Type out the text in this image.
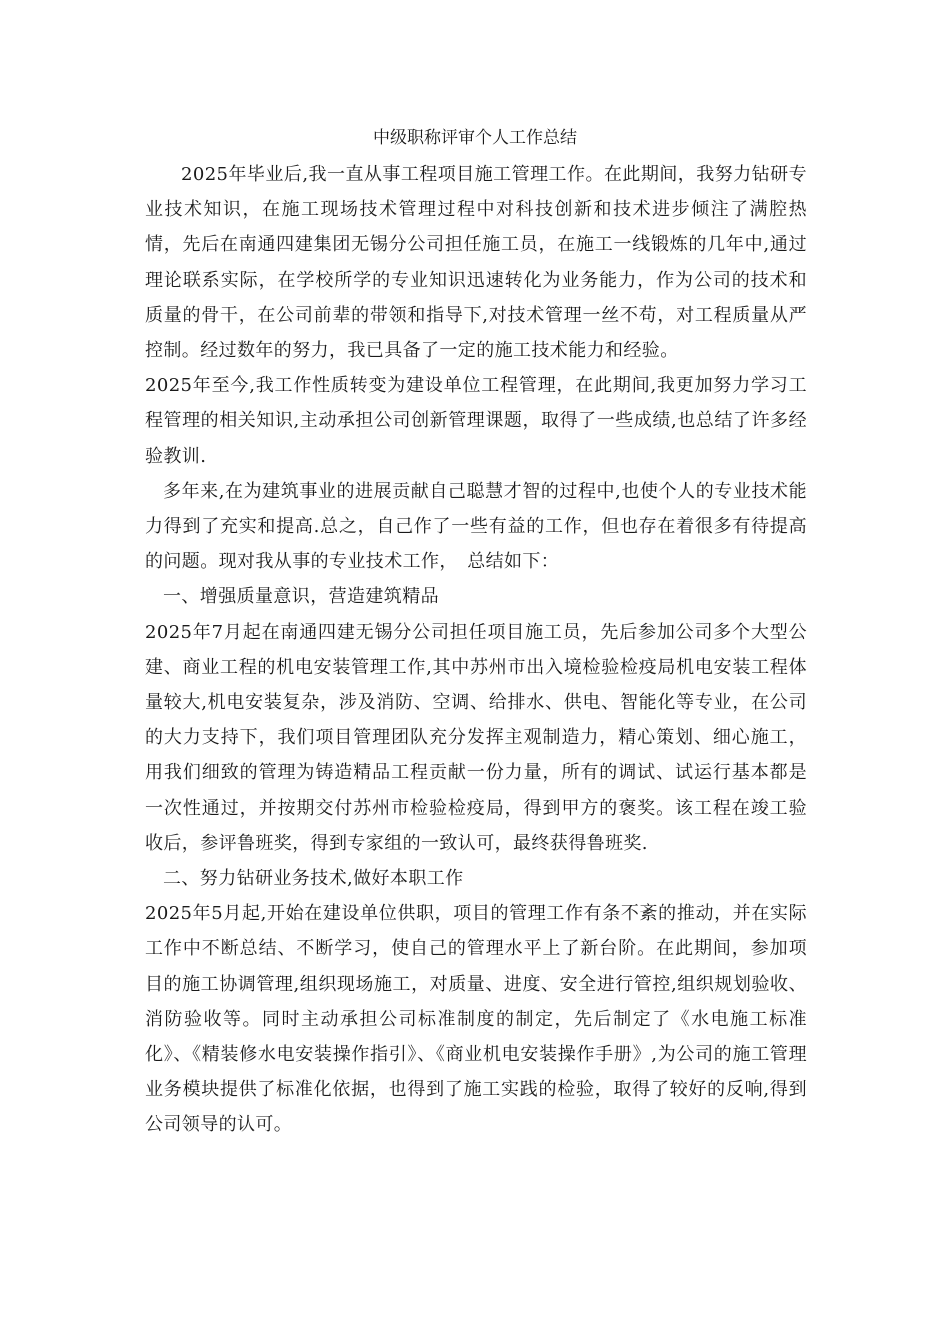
中级职称评审个人工作总结

2025年毕业后,我一直从事工程项目施工管理工作。在此期间，我努力钻研专业技术知识，在施工现场技术管理过程中对科技创新和技术进步倾注了满腔热情，先后在南通四建集团无锡分公司担任施工员，在施工一线锻炼的几年中,通过理论联系实际，在学校所学的专业知识迅速转化为业务能力，作为公司的技术和质量的骨干，在公司前辈的带领和指导下,对技术管理一丝不苟，对工程质量从严控制。经过数年的努力，我已具备了一定的施工技术能力和经验。

2025年至今,我工作性质转变为建设单位工程管理，在此期间,我更加努力学习工程管理的相关知识,主动承担公司创新管理课题，取得了一些成绩,也总结了许多经验教训.

多年来,在为建筑事业的进展贡献自己聪慧才智的过程中,也使个人的专业技术能力得到了充实和提高.总之，自己作了一些有益的工作，但也存在着很多有待提高的问题。现对我从事的专业技术工作，　总结如下：

一、增强质量意识，营造建筑精品

2025年7月起在南通四建无锡分公司担任项目施工员，先后参加公司多个大型公建、商业工程的机电安装管理工作,其中苏州市出入境检验检疫局机电安装工程体量较大,机电安装复杂，涉及消防、空调、给排水、供电、智能化等专业，在公司的大力支持下，我们项目管理团队充分发挥主观制造力，精心策划、细心施工，用我们细致的管理为铸造精品工程贡献一份力量，所有的调试、试运行基本都是一次性通过，并按期交付苏州市检验检疫局，得到甲方的褒奖。该工程在竣工验收后，参评鲁班奖，得到专家组的一致认可，最终获得鲁班奖.

二、努力钻研业务技术,做好本职工作

2025年5月起,开始在建设单位供职，项目的管理工作有条不紊的推动，并在实际工作中不断总结、不断学习，使自己的管理水平上了新台阶。在此期间，参加项目的施工协调管理,组织现场施工，对质量、进度、安全进行管控,组织规划验收、消防验收等。同时主动承担公司标准制度的制定，先后制定了《水电施工标准化》、《精装修水电安装操作指引》、《商业机电安装操作手册》,为公司的施工管理业务模块提供了标准化依据，也得到了施工实践的检验，取得了较好的反响,得到公司领导的认可。
